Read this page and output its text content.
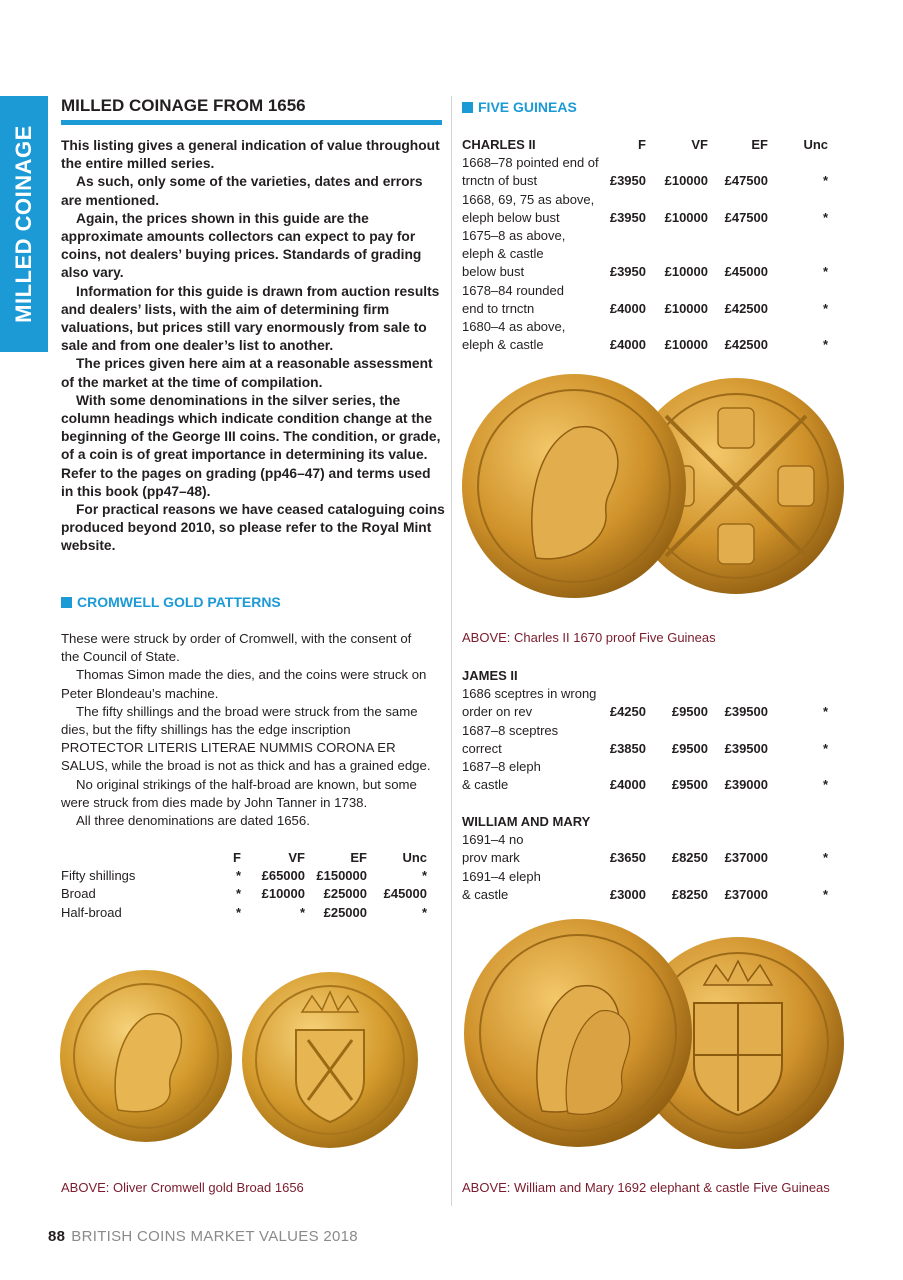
MILLED COINAGE
MILLED COINAGE FROM 1656

This listing gives a general indication of value throughout the entire milled series.

As such, only some of the varieties, dates and errors are mentioned.

Again, the prices shown in this guide are the approximate amounts collectors can expect to pay for coins, not dealers’ buying prices. Standards of grading also vary.

Information for this guide is drawn from auction results and dealers’ lists, with the aim of determining firm valuations, but prices still vary enormously from sale to sale and from one dealer’s list to another.

The prices given here aim at a reasonable assessment of the market at the time of compilation.

With some denominations in the silver series, the column headings which indicate condition change at the beginning of the George III coins. The condition, or grade, of a coin is of great importance in determining its value. Refer to the pages on grading (pp46–47) and terms used in this book (pp47–48).

For practical reasons we have ceased cataloguing coins produced beyond 2010, so please refer to the Royal Mint website.

CROMWELL GOLD PATTERNS

These were struck by order of Cromwell, with the consent of the Council of State.

Thomas Simon made the dies, and the coins were struck on Peter Blondeau’s machine.

The fifty shillings and the broad were struck from the same dies, but the fifty shillings has the edge inscription PROTECTOR LITERIS LITERAE NUMMIS CORONA ER SALUS, while the broad is not as thick and has a grained edge.

No original strikings of the half-broad are known, but some were struck from dies made by John Tanner in 1738.

All three denominations are dated 1656.

	F	VF	EF	Unc
Fifty shillings	*	£65000	£150000	*
Broad	*	£10000	£25000	£45000
Half-broad	*	*	£25000	*
ABOVE: Oliver Cromwell gold Broad 1656
FIVE GUINEAS
CHARLES II	F	VF	EF	Unc
1668–78 pointed end of				
trnctn of bust	£3950	£10000	£47500	*
1668, 69, 75 as above,				
eleph below bust	£3950	£10000	£47500	*
1675–8 as above,				
eleph & castle				
below bust	£3950	£10000	£45000	*
1678–84 rounded				
end to trnctn	£4000	£10000	£42500	*
1680–4 as above,				
eleph & castle	£4000	£10000	£42500	*
ABOVE: Charles II 1670 proof Five Guineas
JAMES II				
1686 sceptres in wrong				
order on rev	£4250	£9500	£39500	*
1687–8 sceptres				
correct	£3850	£9500	£39500	*
1687–8 eleph				
& castle	£4000	£9500	£39000	*
WILLIAM AND MARY				
1691–4 no				
prov mark	£3650	£8250	£37000	*
1691–4 eleph				
& castle	£3000	£8250	£37000	*
ABOVE: William and Mary 1692 elephant & castle Five Guineas
88 BRITISH COINS MARKET VALUES 2018
